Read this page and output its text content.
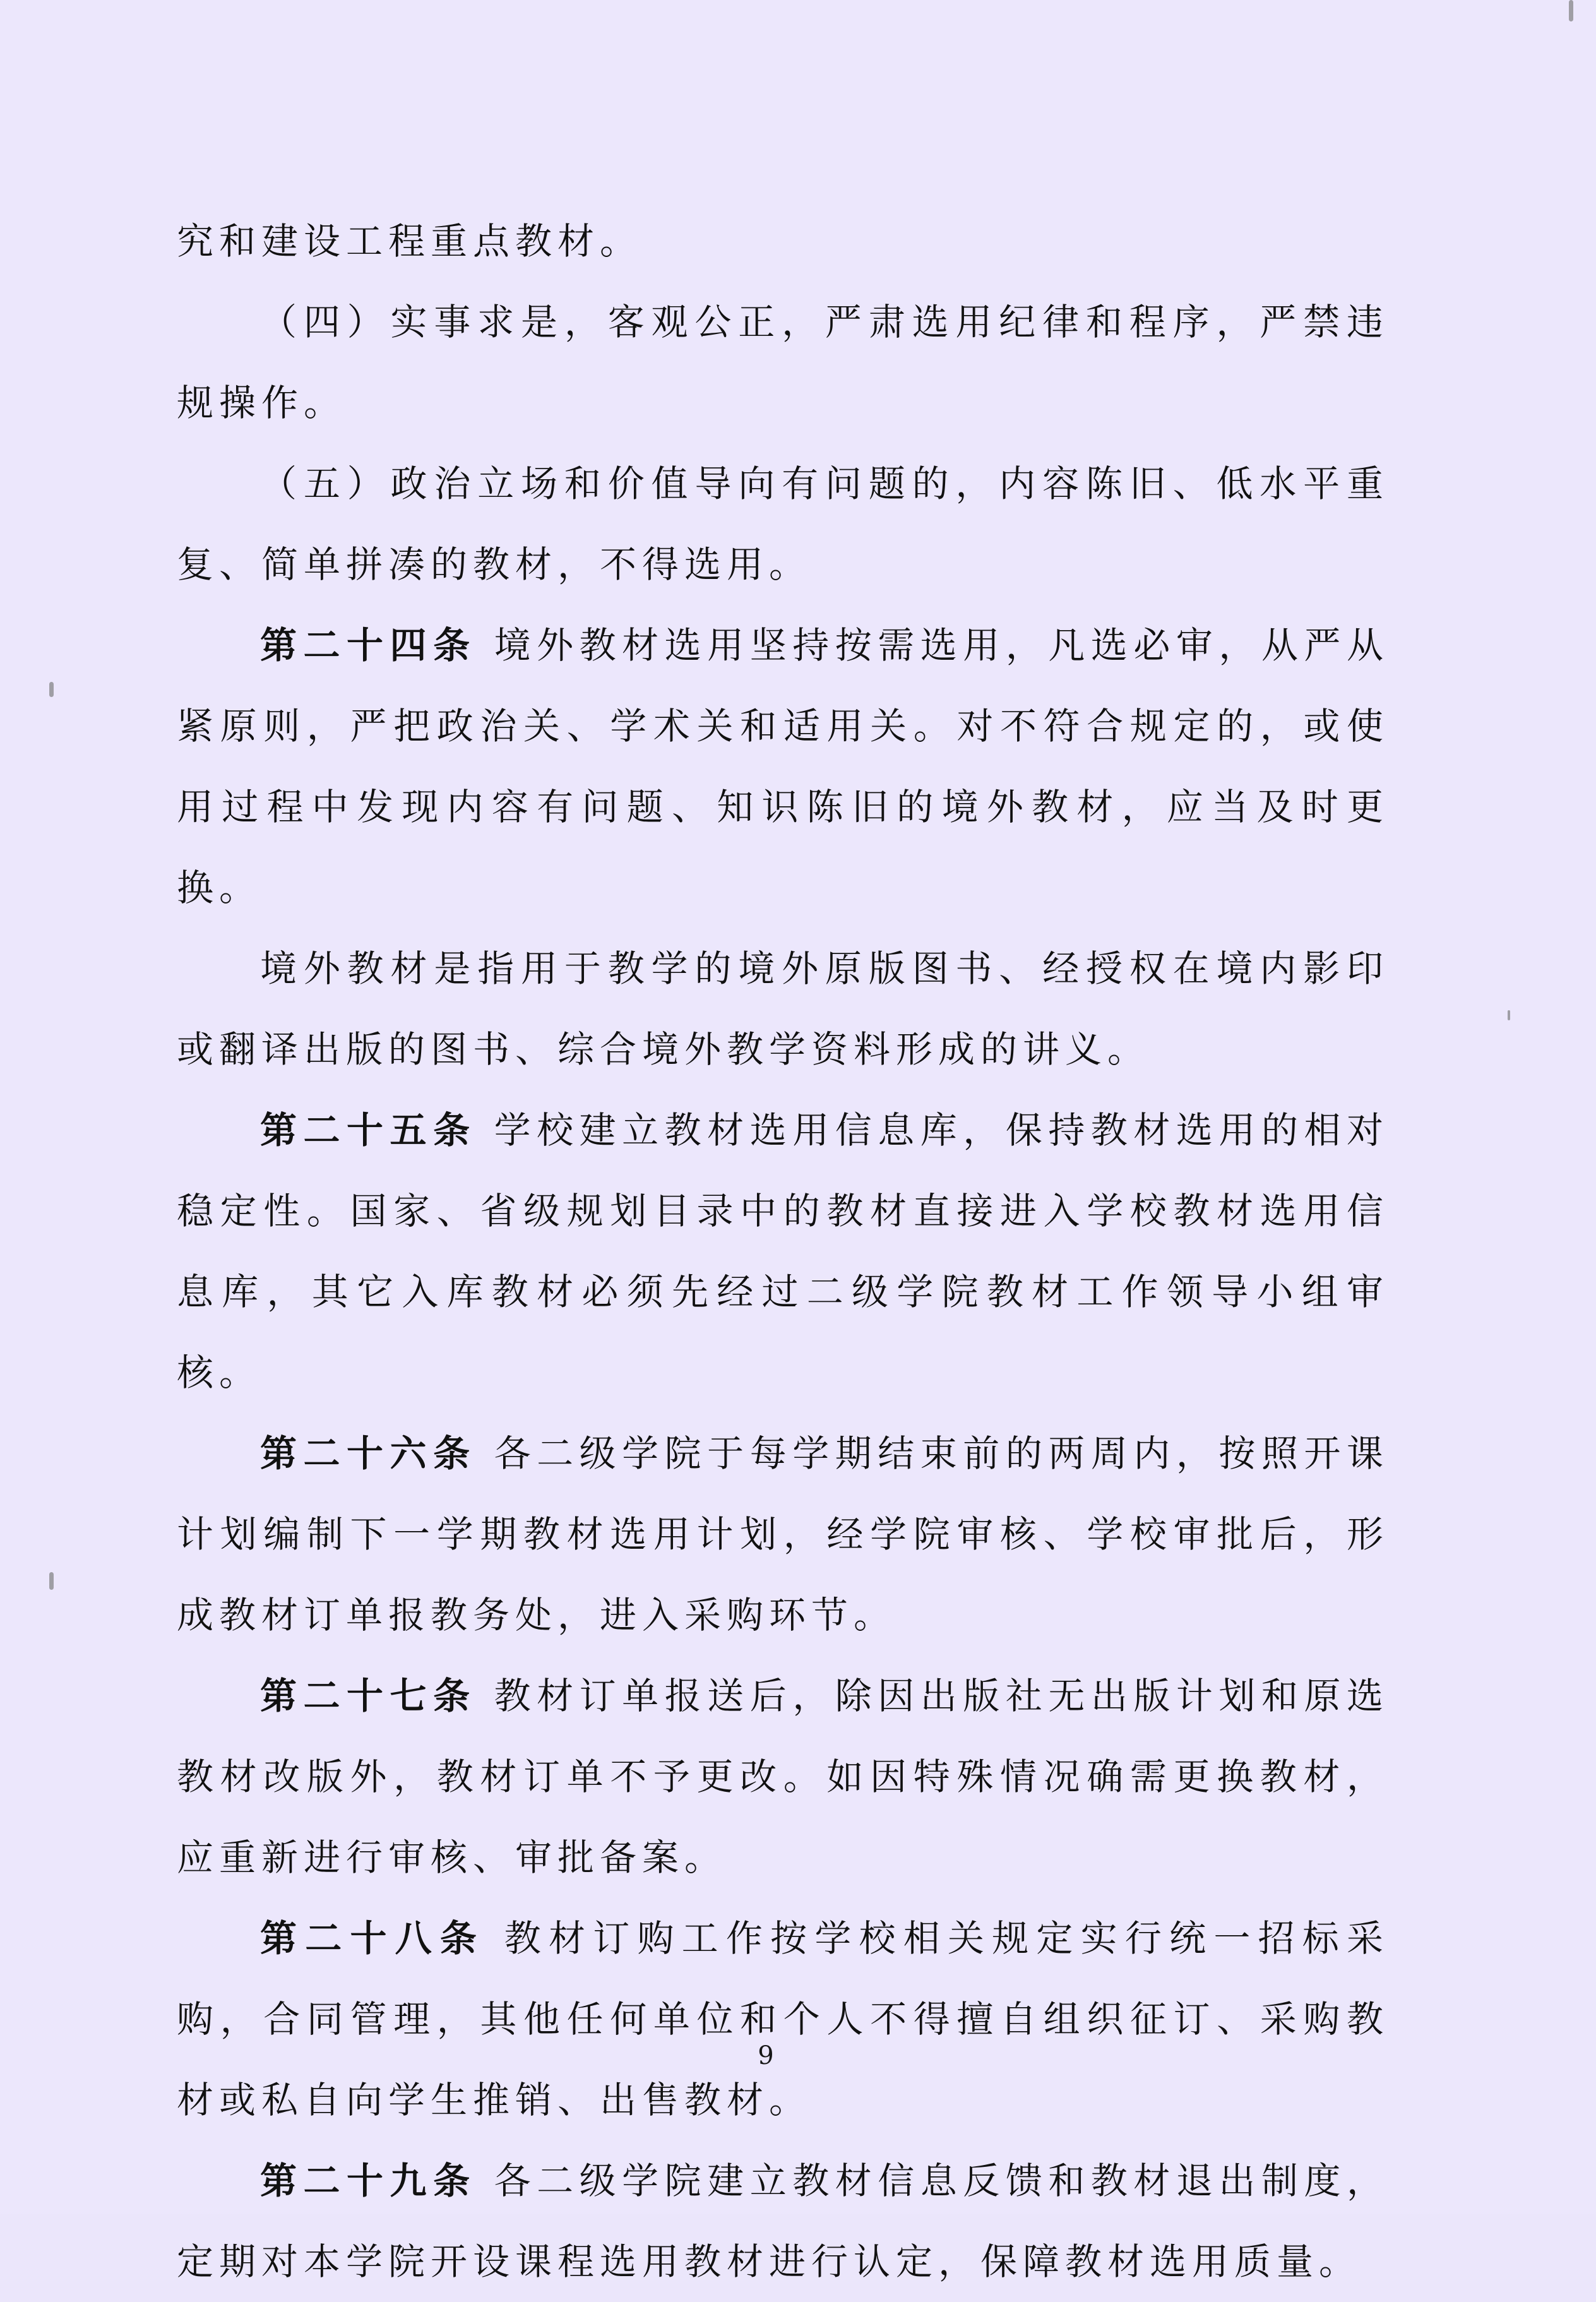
究和建设工程重点教材。

（四）实事求是，客观公正，严肃选用纪律和程序，严禁违规操作。

（五）政治立场和价值导向有问题的，内容陈旧、低水平重复、简单拼凑的教材，不得选用。

第二十四条 境外教材选用坚持按需选用，凡选必审，从严从紧原则，严把政治关、学术关和适用关。对不符合规定的，或使用过程中发现内容有问题、知识陈旧的境外教材，应当及时更换。

境外教材是指用于教学的境外原版图书、经授权在境内影印或翻译出版的图书、综合境外教学资料形成的讲义。

第二十五条 学校建立教材选用信息库，保持教材选用的相对稳定性。国家、省级规划目录中的教材直接进入学校教材选用信息库，其它入库教材必须先经过二级学院教材工作领导小组审核。

第二十六条 各二级学院于每学期结束前的两周内，按照开课计划编制下一学期教材选用计划，经学院审核、学校审批后，形成教材订单报教务处，进入采购环节。

第二十七条 教材订单报送后，除因出版社无出版计划和原选教材改版外，教材订单不予更改。如因特殊情况确需更换教材，应重新进行审核、审批备案。

第二十八条 教材订购工作按学校相关规定实行统一招标采购，合同管理，其他任何单位和个人不得擅自组织征订、采购教材或私自向学生推销、出售教材。

第二十九条 各二级学院建立教材信息反馈和教材退出制度，定期对本学院开设课程选用教材进行认定，保障教材选用质量。

9
